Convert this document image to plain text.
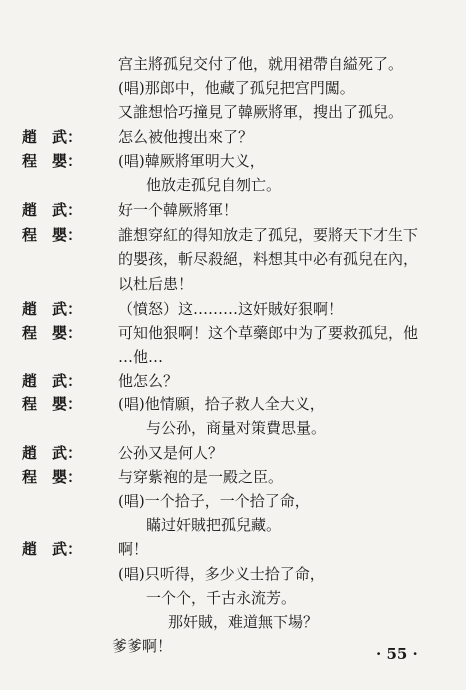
宫主將孤兒交付了他，就用裙帶自縊死了。
(唱)那郎中，他藏了孤兒把宫門闖。
又誰想恰巧撞見了韓厥將軍，搜出了孤兒。
趙　武：	怎么被他搜出來了？
程　嬰：	(唱)韓厥將軍明大义，
他放走孤兒自刎亡。
趙　武：	好一个韓厥將軍！
程　嬰：	誰想穿紅的得知放走了孤兒，要將天下才生下
的嬰孩，斬尽殺絕，料想其中必有孤兒在內，
以杜后患！
趙　武：	（憤怒）这………这奸賊好狠啊！
程　嬰：	可知他狠啊！这个草藥郎中为了要救孤兒，他
…他…
趙　武：	他怎么？
程　嬰：	(唱)他情願，拾子救人全大义，
与公孙，商量对策費思量。
趙　武：	公孙又是何人？
程　嬰：	与穿紫袍的是一殿之臣。
(唱)一个拾子，一个拾了命，
瞞过奸賊把孤兒藏。
趙　武：	啊！
(唱)只听得，多少义士拾了命，
一个个，千古永流芳。
那奸賊，难道無下場？
爹爹啊！	· 55 ·
